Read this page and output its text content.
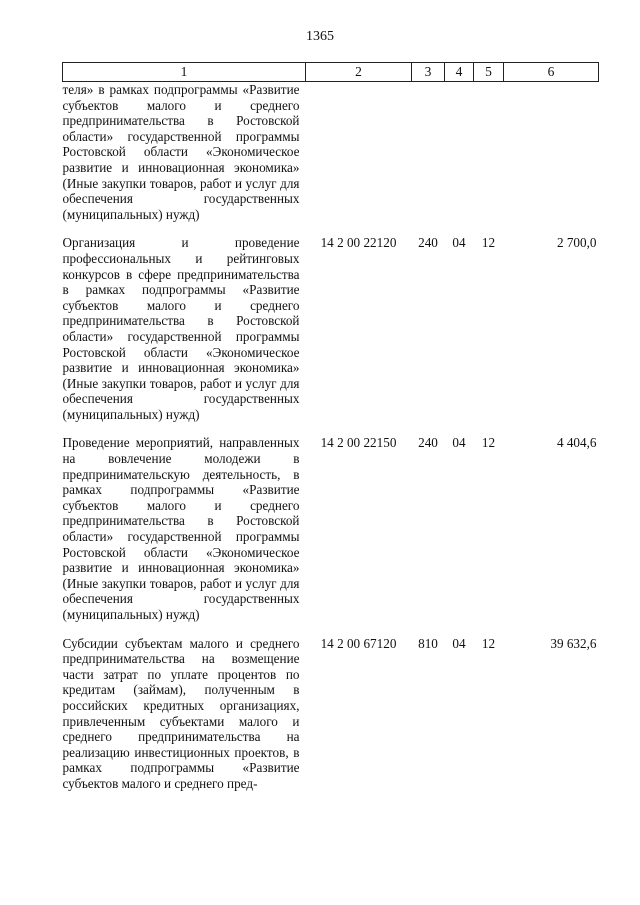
1365
1	2	3	4	5	6
теля» в рамках подпрограммы «Развитие субъектов малого и среднего предпринимательства в Ростовской области» государственной программы Ростовской области «Экономическое развитие и инновационная экономика» (Иные закупки товаров, работ и услуг для обеспечения государственных (муниципальных) нужд)					
Организация и проведение профессиональных и рейтинговых конкурсов в сфере предпринимательства в рамках подпрограммы «Развитие субъектов малого и среднего предпринимательства в Ростовской области» государственной программы Ростовской области «Экономическое развитие и инновационная экономика» (Иные закупки товаров, работ и услуг для обеспечения государственных (муниципальных) нужд)	14 2 00 22120	240	04	12	2 700,0
Проведение мероприятий, направленных на вовлечение молодежи в предпринимательскую деятельность, в рамках подпрограммы «Развитие субъектов малого и среднего предпринимательства в Ростовской области» государственной программы Ростовской области «Экономическое развитие и инновационная экономика» (Иные закупки товаров, работ и услуг для обеспечения государственных (муниципальных) нужд)	14 2 00 22150	240	04	12	4 404,6
Субсидии субъектам малого и среднего предпринимательства на возмещение части затрат по уплате процентов по кредитам (займам), полученным в российских кредитных организациях, привлеченным субъектами малого и среднего предпринимательства на реализацию инвестиционных проектов, в рамках подпрограммы «Развитие субъектов малого и среднего пред-	14 2 00 67120	810	04	12	39 632,6
